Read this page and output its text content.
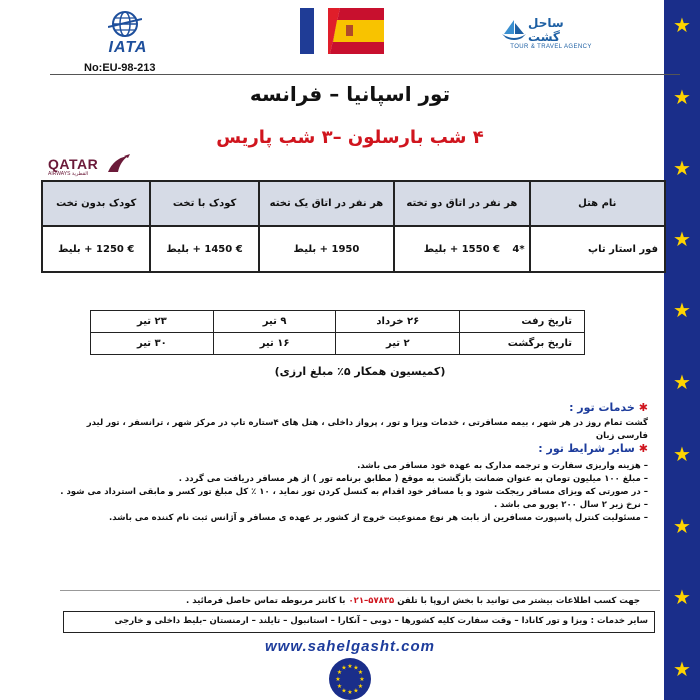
★
★
★
★
★
★
★
★
★
★
IATA
ساحل گشت
TOUR & TRAVEL AGENCY
No:EU-98-213
تور اسپانیا – فرانسه
۴ شب بارسلون –۳ شب پاریس
QATAR
AIRWAYS القطرية
نام هتل	هر نفر در اتاق دو تخته	هر نفر در اتاق یک تخته	کودک با تخت	کودک بدون تخت
فور استار تاپ *4	€ 1550 + بلیط	1950 + بلیط	€ 1450 + بلیط	€ 1250 + بلیط
تاریخ رفت	۲۶ خرداد	۹ تیر	۲۳ تیر
تاریخ برگشت	۲ تیر	۱۶ تیر	۳۰ تیر
(کمیسیون همکار ۵٪ مبلغ ارزی)
✱خدمات تور :
گشت تمام روز در هر شهر ، بیمه مسافرتی ، خدمات ویزا و تور ، پرواز داخلی ، هتل های ۴ستاره تاپ در مرکز شهر ، ترانسفر ، تور لیدر
فارسی زبان
✱سایر شرایط تور :
– هزینه واریزی سفارت و ترجمه مدارک به عهده خود مسافر می باشد.
– مبلغ ۱۰۰ میلیون تومان به عنوان ضمانت بازگشت به موقع ( مطابق برنامه تور ) از هر مسافر دریافت می گردد .
– در صورتی که ویزای مسافر ریجکت شود و یا مسافر خود اقدام به کنسل کردن تور نماید ، ۱۰ ٪ کل مبلغ تور کسر و مابقی استرداد می شود .
– نرخ زیر ۲ سال ۲۰۰ یورو می باشد .
– مسئولیت کنترل پاسپورت مسافرین از بابت هر نوع ممنوعیت خروج از کشور بر عهده ی مسافر و آژانس ثبت نام کننده می باشد.
جهت کسب اطلاعات بیشتر می توانید با بخش اروپا با تلفن ۵۷۸۳۵–۰۲۱ با کانتر مربوطه تماس حاصل فرمائید .
سایر خدمات : ویزا و تور کانادا – وقت سفارت کلیه کشورها – دوبی – آنکارا – استانبول – تایلند – ارمنستان –بلیط داخلی و خارجی
www.sahelgasht.com
★ ★
★
★
★
★
★
★
★
★
★
★
